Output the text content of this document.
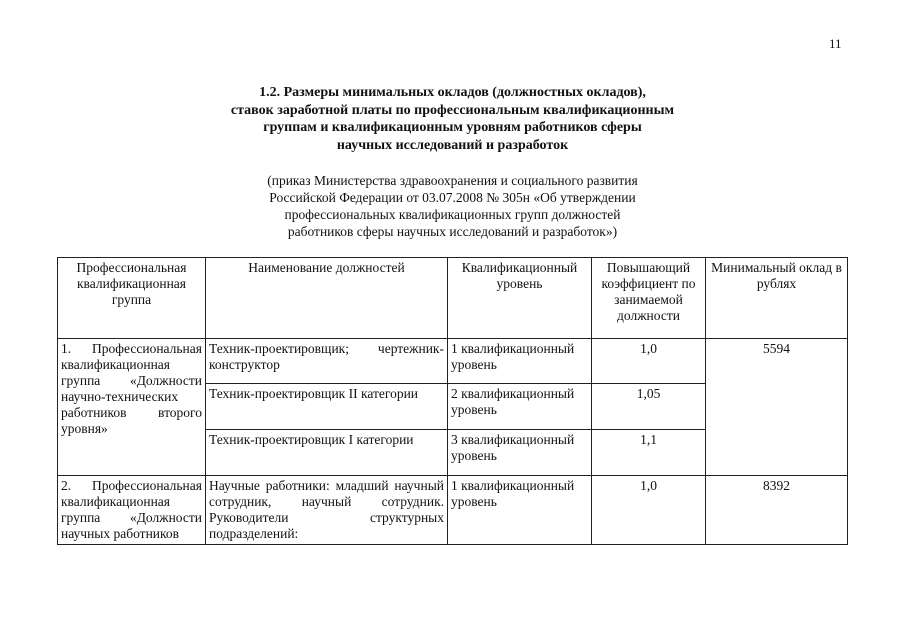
11
1.2. Размеры минимальных окладов (должностных окладов),
ставок заработной платы по профессиональным квалификационным
группам и квалификационным уровням работников сферы
научных исследований и разработок
(приказ Министерства здравоохранения и социального развития
Российской Федерации от 03.07.2008 № 305н «Об утверждении
профессиональных квалификационных групп должностей
работников сферы научных исследований и разработок»)
Профессиональная квалификационная группа	Наименование должностей	Квалификационный уровень	Повышающий коэффициент по занимаемой должности	Минимальный оклад в рублях
1. Профессиональная квалификационная группа «Должности научно-технических работников второго уровня»	Техник-проектировщик; чертежник-конструктор	1 квалификационный уровень	1,0	5594
	Техник-проектировщик II категории	2 квалификационный уровень	1,05	
	Техник-проектировщик I категории	3 квалификационный уровень	1,1	
2. Профессиональная квалификационная группа «Должности научных работников	Научные работники: младший научный сотрудник, научный сотрудник. Руководители структурных подразделений:	1 квалификационный уровень	1,0	8392
